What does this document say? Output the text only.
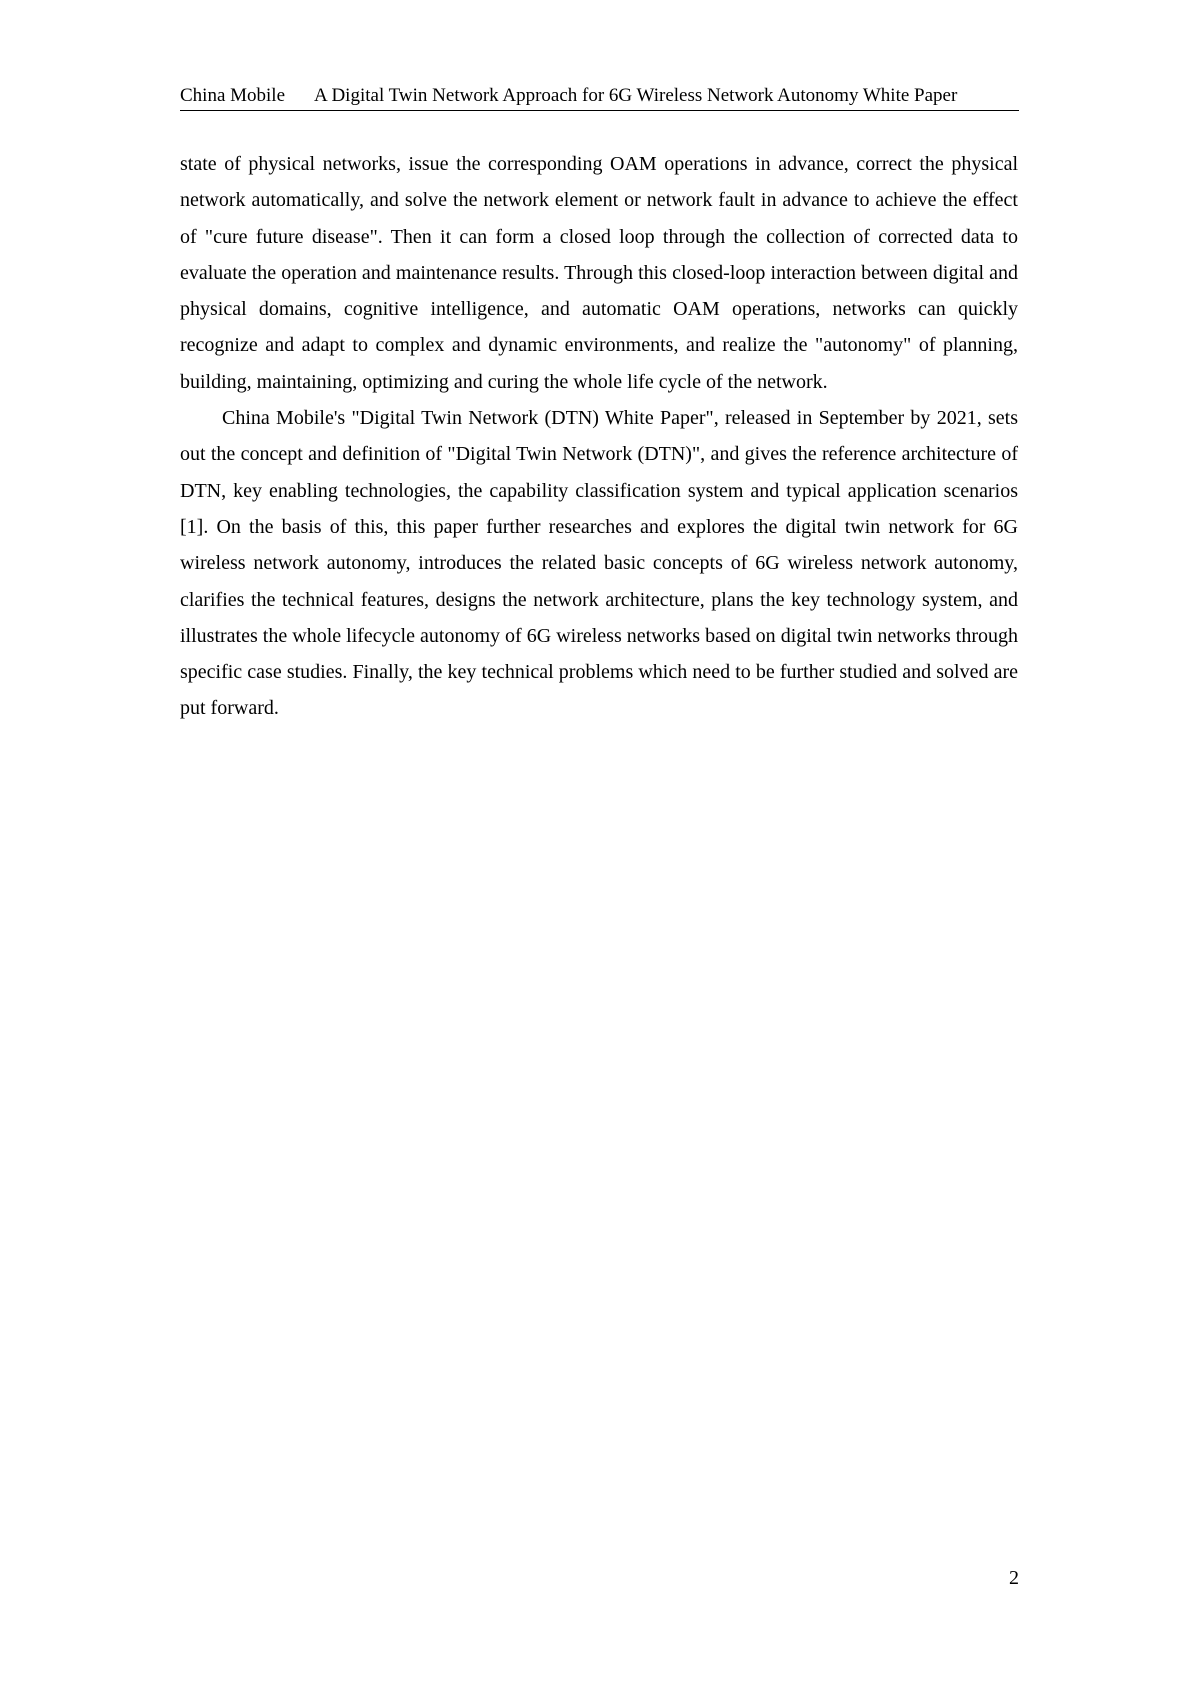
China Mobile A Digital Twin Network Approach for 6G Wireless Network Autonomy White Paper

state of physical networks, issue the corresponding OAM operations in advance, correct the physical network automatically, and solve the network element or network fault in advance to achieve the effect of "cure future disease". Then it can form a closed loop through the collection of corrected data to evaluate the operation and maintenance results. Through this closed-loop interaction between digital and physical domains, cognitive intelligence, and automatic OAM operations, networks can quickly recognize and adapt to complex and dynamic environments, and realize the "autonomy" of planning, building, maintaining, optimizing and curing the whole life cycle of the network.

China Mobile's "Digital Twin Network (DTN) White Paper", released in September by 2021, sets out the concept and definition of "Digital Twin Network (DTN)", and gives the reference architecture of DTN, key enabling technologies, the capability classification system and typical application scenarios [1]. On the basis of this, this paper further researches and explores the digital twin network for 6G wireless network autonomy, introduces the related basic concepts of 6G wireless network autonomy, clarifies the technical features, designs the network architecture, plans the key technology system, and illustrates the whole lifecycle autonomy of 6G wireless networks based on digital twin networks through specific case studies. Finally, the key technical problems which need to be further studied and solved are put forward.

2
